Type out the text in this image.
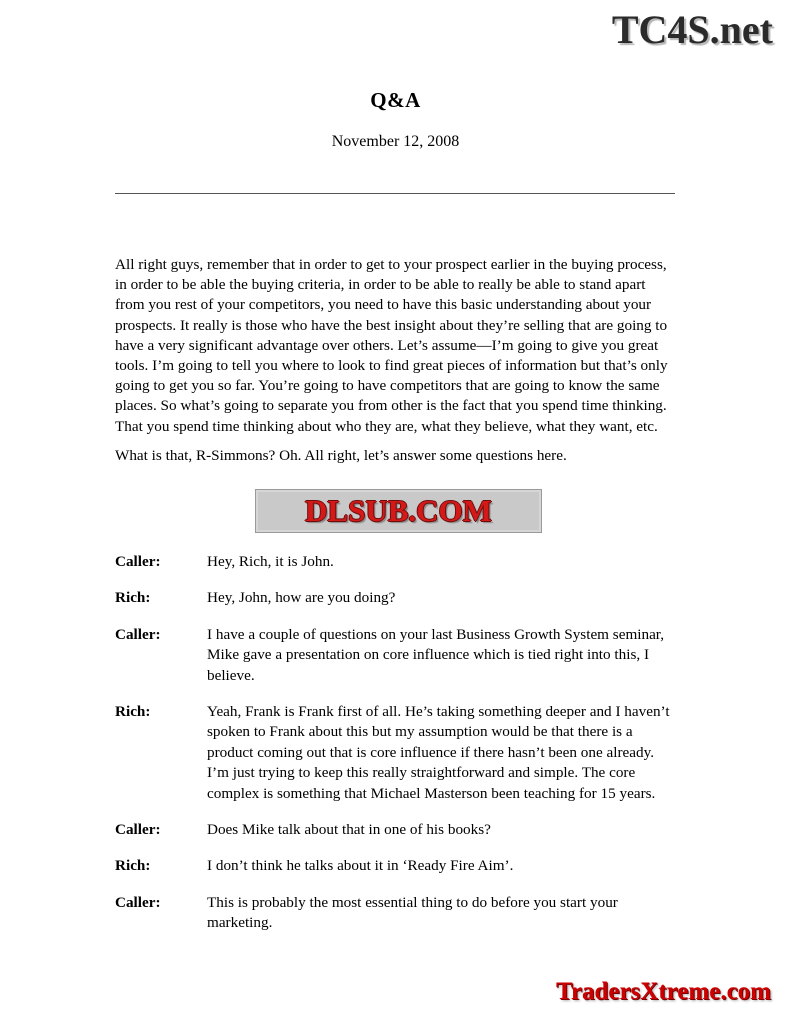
TC4S.net
Q&A
November 12, 2008
All right guys, remember that in order to get to your prospect earlier in the buying process, in order to be able the buying criteria, in order to be able to really be able to stand apart from you rest of your competitors, you need to have this basic understanding about your prospects. It really is those who have the best insight about they’re selling that are going to have a very significant advantage over others. Let’s assume—I’m going to give you great tools. I’m going to tell you where to look to find great pieces of information but that’s only going to get you so far. You’re going to have competitors that are going to know the same places. So what’s going to separate you from other is the fact that you spend time thinking. That you spend time thinking about who they are, what they believe, what they want, etc.
What is that, R-Simmons? Oh. All right, let’s answer some questions here.
DLSUB.COM
Caller:	Hey, Rich, it is John.
Rich:	Hey, John, how are you doing?
Caller:	I have a couple of questions on your last Business Growth System seminar, Mike gave a presentation on core influence which is tied right into this, I believe.
Rich:	Yeah, Frank is Frank first of all. He’s taking something deeper and I haven’t spoken to Frank about this but my assumption would be that there is a product coming out that is core influence if there hasn’t been one already. I’m just trying to keep this really straightforward and simple. The core complex is something that Michael Masterson been teaching for 15 years.
Caller:	Does Mike talk about that in one of his books?
Rich:	I don’t think he talks about it in ‘Ready Fire Aim’.
Caller:	This is probably the most essential thing to do before you start your marketing.
TradersXtreme.com
